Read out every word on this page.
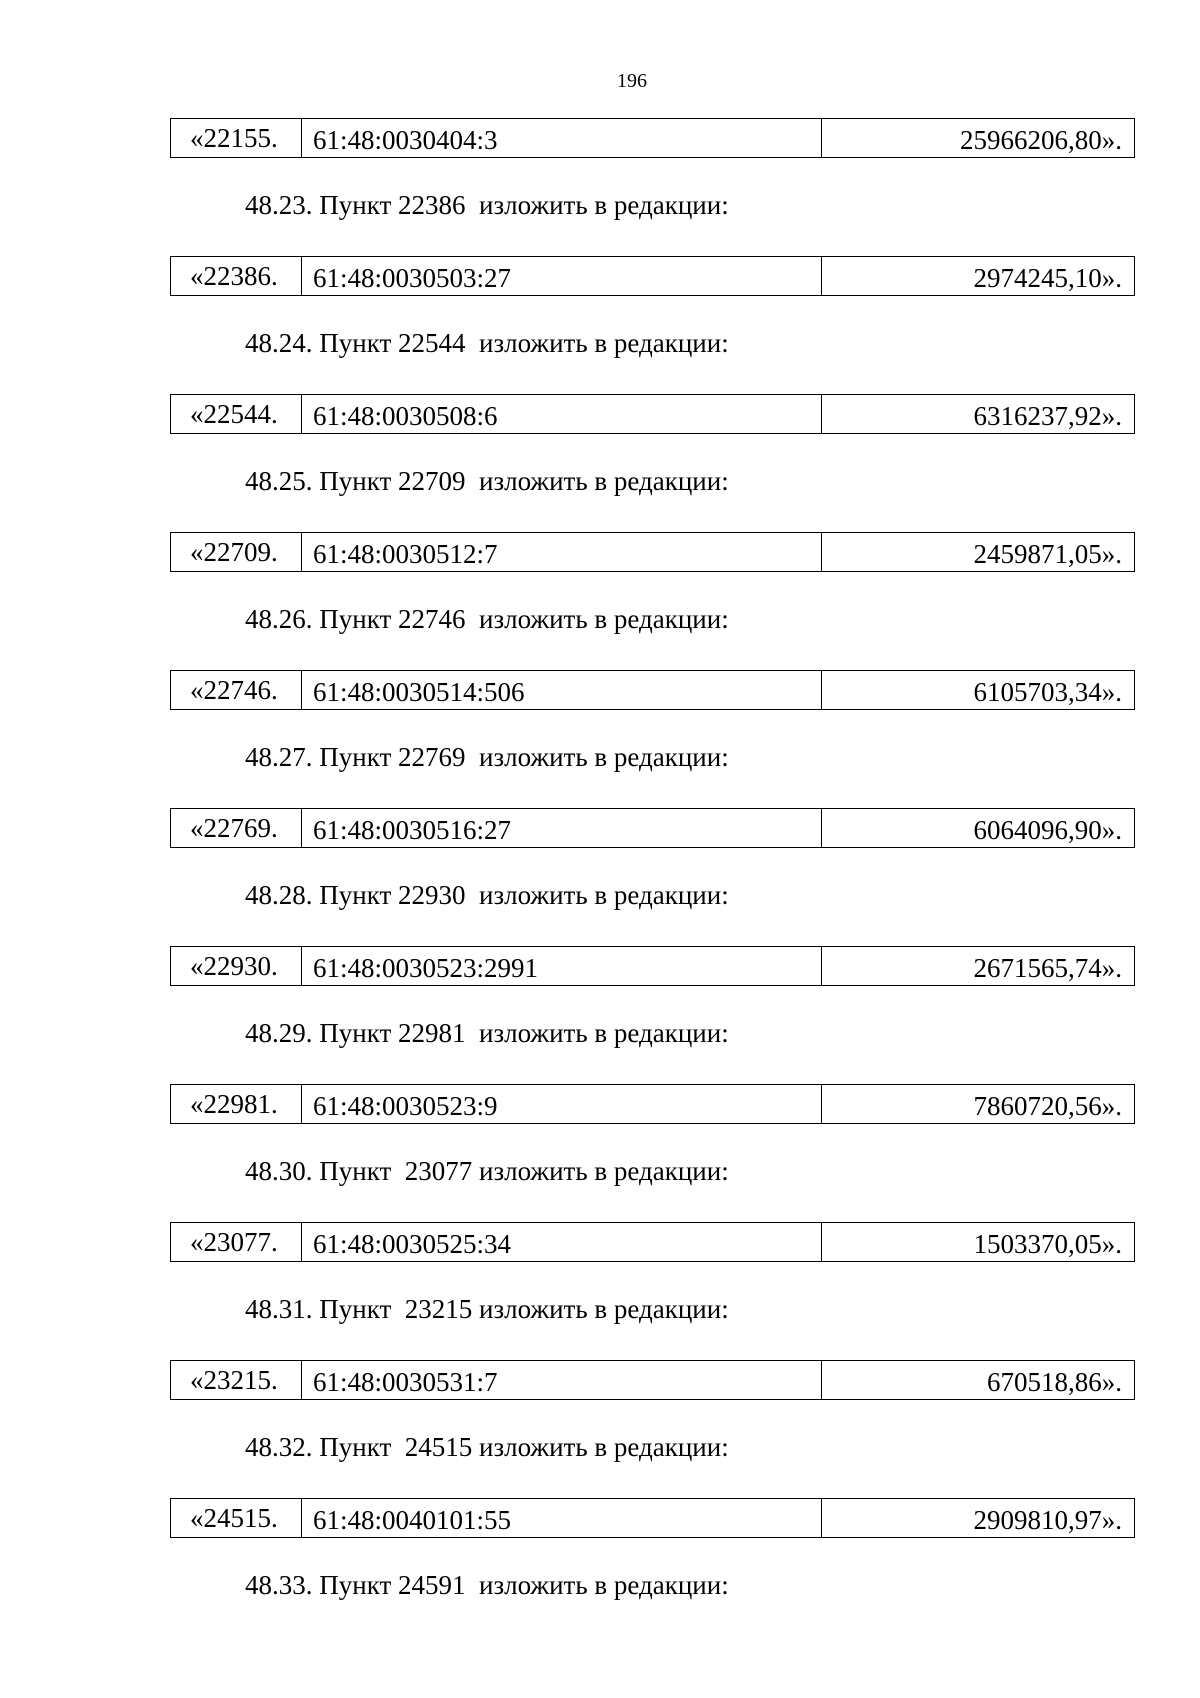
196
«22155.	61:48:0030404:3	25966206,80».
48.23. Пункт 22386  изложить в редакции:
«22386.	61:48:0030503:27	2974245,10».
48.24. Пункт 22544  изложить в редакции:
«22544.	61:48:0030508:6	6316237,92».
48.25. Пункт 22709  изложить в редакции:
«22709.	61:48:0030512:7	2459871,05».
48.26. Пункт 22746  изложить в редакции:
«22746.	61:48:0030514:506	6105703,34».
48.27. Пункт 22769  изложить в редакции:
«22769.	61:48:0030516:27	6064096,90».
48.28. Пункт 22930  изложить в редакции:
«22930.	61:48:0030523:2991	2671565,74».
48.29. Пункт 22981  изложить в редакции:
«22981.	61:48:0030523:9	7860720,56».
48.30. Пункт  23077 изложить в редакции:
«23077.	61:48:0030525:34	1503370,05».
48.31. Пункт  23215 изложить в редакции:
«23215.	61:48:0030531:7	670518,86».
48.32. Пункт  24515 изложить в редакции:
«24515.	61:48:0040101:55	2909810,97».
48.33. Пункт 24591  изложить в редакции:
